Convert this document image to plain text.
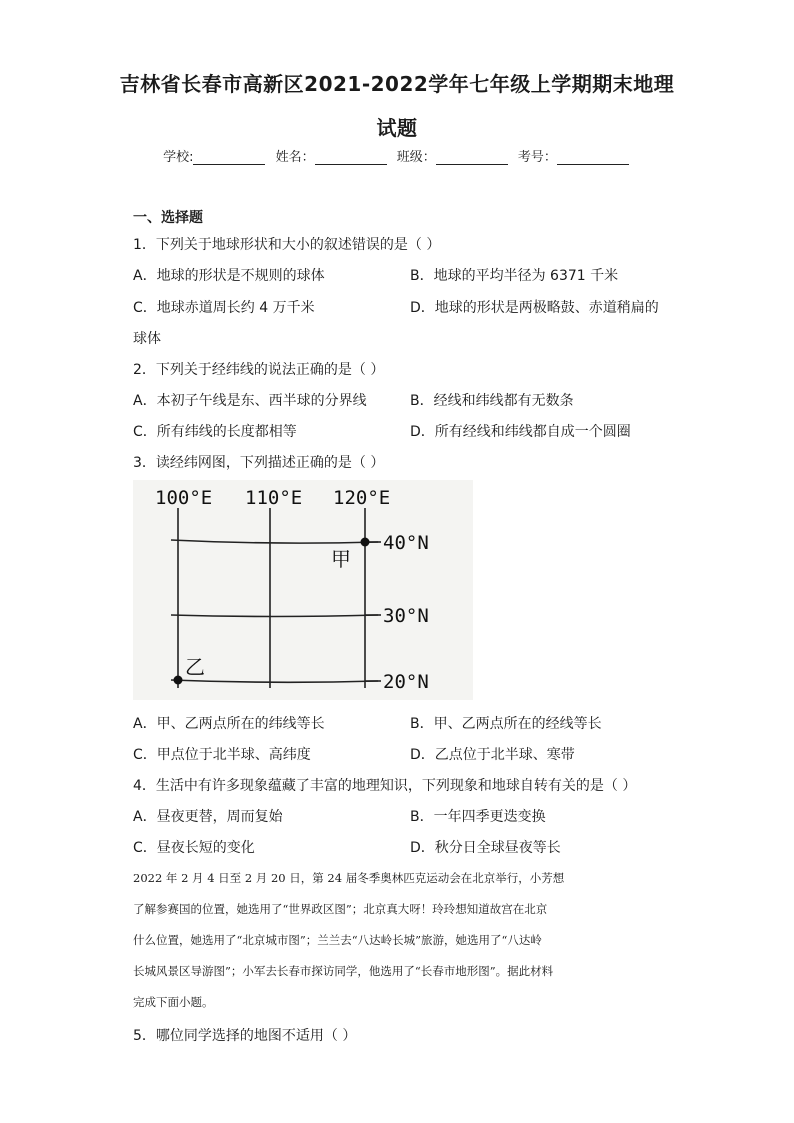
吉林省长春市高新区2021-2022学年七年级上学期期末地理
试题
学校:	姓名：	班级：	考号：
一、选择题
1．下列关于地球形状和大小的叙述错误的是（ ）
A．地球的形状是不规则的球体	B．地球的平均半径为 6371 千米
C．地球赤道周长约 4 万千米	D．地球的形状是两极略鼓、赤道稍扁的
球体
2．下列关于经纬线的说法正确的是（ ）
A．本初子午线是东、西半球的分界线	B．经线和纬线都有无数条
C．所有纬线的长度都相等	D．所有经线和纬线都自成一个圆圈
3．读经纬网图，下列描述正确的是（ ）
100°E 110°E 120°E
40°N
30°N
20°N
甲
乙
A．甲、乙两点所在的纬线等长	B．甲、乙两点所在的经线等长
C．甲点位于北半球、高纬度	D．乙点位于北半球、寒带
4．生活中有许多现象蕴藏了丰富的地理知识，下列现象和地球自转有关的是（ ）
A．昼夜更替，周而复始	B．一年四季更迭变换
C．昼夜长短的变化	D．秋分日全球昼夜等长
2022 年 2 月 4 日至 2 月 20 日，第 24 届冬季奥林匹克运动会在北京举行，小芳想
了解参赛国的位置，她选用了“世界政区图”；北京真大呀！玲玲想知道故宫在北京
什么位置，她选用了“北京城市图”；兰兰去“八达岭长城”旅游，她选用了“八达岭
长城风景区导游图”；小军去长春市探访同学，他选用了“长春市地形图”。据此材料
完成下面小题。
5．哪位同学选择的地图不适用（ ）
